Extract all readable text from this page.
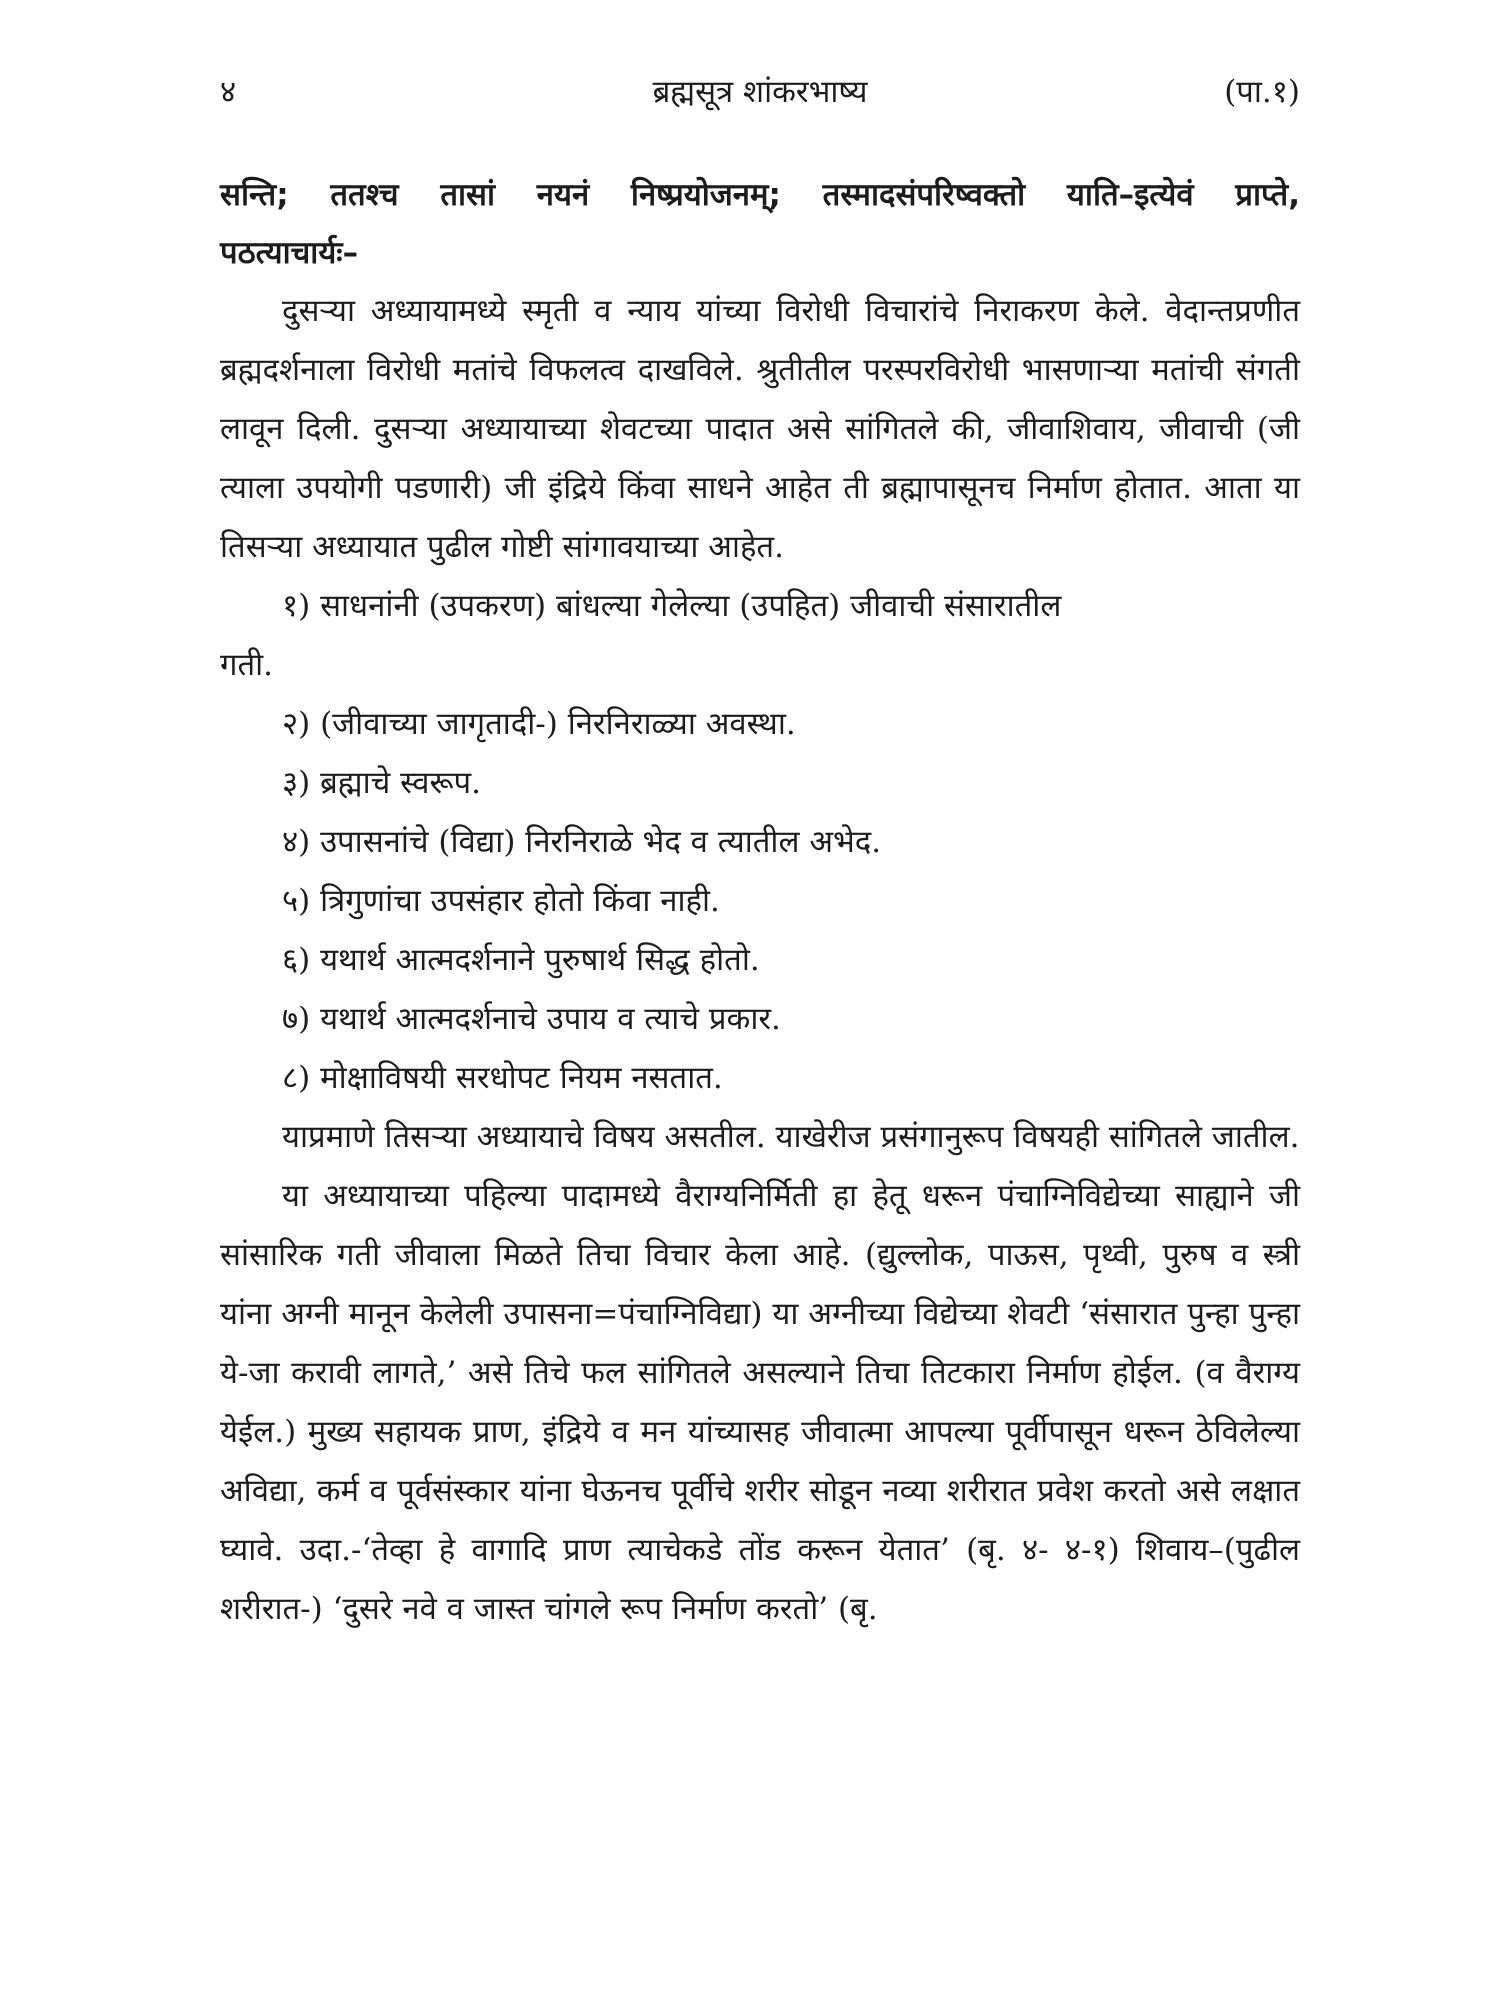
४	ब्रह्मसूत्र शांकरभाष्य	(पा.१)
सन्ति; ततश्च तासां नयनं निष्प्रयोजनम्; तस्मादसंपरिष्वक्तो याति–इत्येवं प्राप्ते,
पठत्याचार्यः–

दुसऱ्या अध्यायामध्ये स्मृती व न्याय यांच्या विरोधी विचारांचे निराकरण केले. वेदान्तप्रणीत ब्रह्मदर्शनाला विरोधी मतांचे विफलत्व दाखविले. श्रुतीतील परस्परविरोधी भासणाऱ्या मतांची संगती लावून दिली. दुसऱ्या अध्यायाच्या शेवटच्या पादात असे सांगितले की, जीवाशिवाय, जीवाची (जी त्याला उपयोगी पडणारी) जी इंद्रिये किंवा साधने आहेत ती ब्रह्मापासूनच निर्माण होतात. आता या तिसऱ्या अध्यायात पुढील गोष्टी सांगावयाच्या आहेत.

१) साधनांनी (उपकरण) बांधल्या गेलेल्या (उपहित) जीवाची संसारातील
गती.

२) (जीवाच्या जागृतादी-) निरनिराळ्या अवस्था.

३) ब्रह्माचे स्वरूप.

४) उपासनांचे (विद्या) निरनिराळे भेद व त्यातील अभेद.

५) त्रिगुणांचा उपसंहार होतो किंवा नाही.

६) यथार्थ आत्मदर्शनाने पुरुषार्थ सिद्ध होतो.

७) यथार्थ आत्मदर्शनाचे उपाय व त्याचे प्रकार.

८) मोक्षाविषयी सरधोपट नियम नसतात.

याप्रमाणे तिसऱ्या अध्यायाचे विषय असतील. याखेरीज प्रसंगानुरूप विषयही सांगितले जातील.

या अध्यायाच्या पहिल्या पादामध्ये वैराग्यनिर्मिती हा हेतू धरून पंचाग्निविद्येच्या साह्याने जी सांसारिक गती जीवाला मिळते तिचा विचार केला आहे. (द्युल्लोक, पाऊस, पृथ्वी, पुरुष व स्त्री यांना अग्नी मानून केलेली उपासना=पंचाग्निविद्या) या अग्नीच्या विद्येच्या शेवटी ‘संसारात पुन्हा पुन्हा ये-जा करावी लागते,’ असे तिचे फल सांगितले असल्याने तिचा तिटकारा निर्माण होईल. (व वैराग्य येईल.) मुख्य सहायक प्राण, इंद्रिये व मन यांच्यासह जीवात्मा आपल्या पूर्वीपासून धरून ठेविलेल्या अविद्या, कर्म व पूर्वसंस्कार यांना घेऊनच पूर्वीचे शरीर सोडून नव्या शरीरात प्रवेश करतो असे लक्षात घ्यावे. उदा.-‘तेव्हा हे वागादि प्राण त्याचेकडे तोंड करून येतात’ (बृ. ४- ४-१) शिवाय–(पुढील शरीरात-) ‘दुसरे नवे व जास्त चांगले रूप निर्माण करतो’ (बृ.
